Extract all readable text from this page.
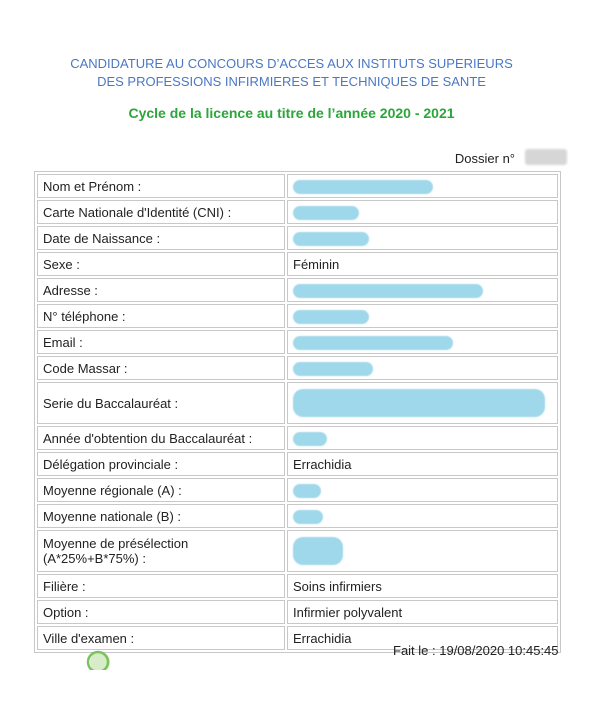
CANDIDATURE AU CONCOURS D’ACCES AUX INSTITUTS SUPERIEURS
DES PROFESSIONS INFIRMIERES ET TECHNIQUES DE SANTE
Cycle de la licence au titre de l’année 2020 - 2021
Dossier n°
Nom et Prénom :	
Carte Nationale d'Identité (CNI) :	
Date de Naissance :	
Sexe :	Féminin
Adresse :	
N° téléphone :	
Email :	
Code Massar :	
Serie du Baccalauréat :	
Année d'obtention du Baccalauréat :	
Délégation provinciale :	Errachidia
Moyenne régionale (A) :	
Moyenne nationale (B) :	
Moyenne de présélection (A*25%+B*75%) :	
Filière :	Soins infirmiers
Option :	Infirmier polyvalent
Ville d'examen :	Errachidia
Fait le : 19/08/2020 10:45:45
